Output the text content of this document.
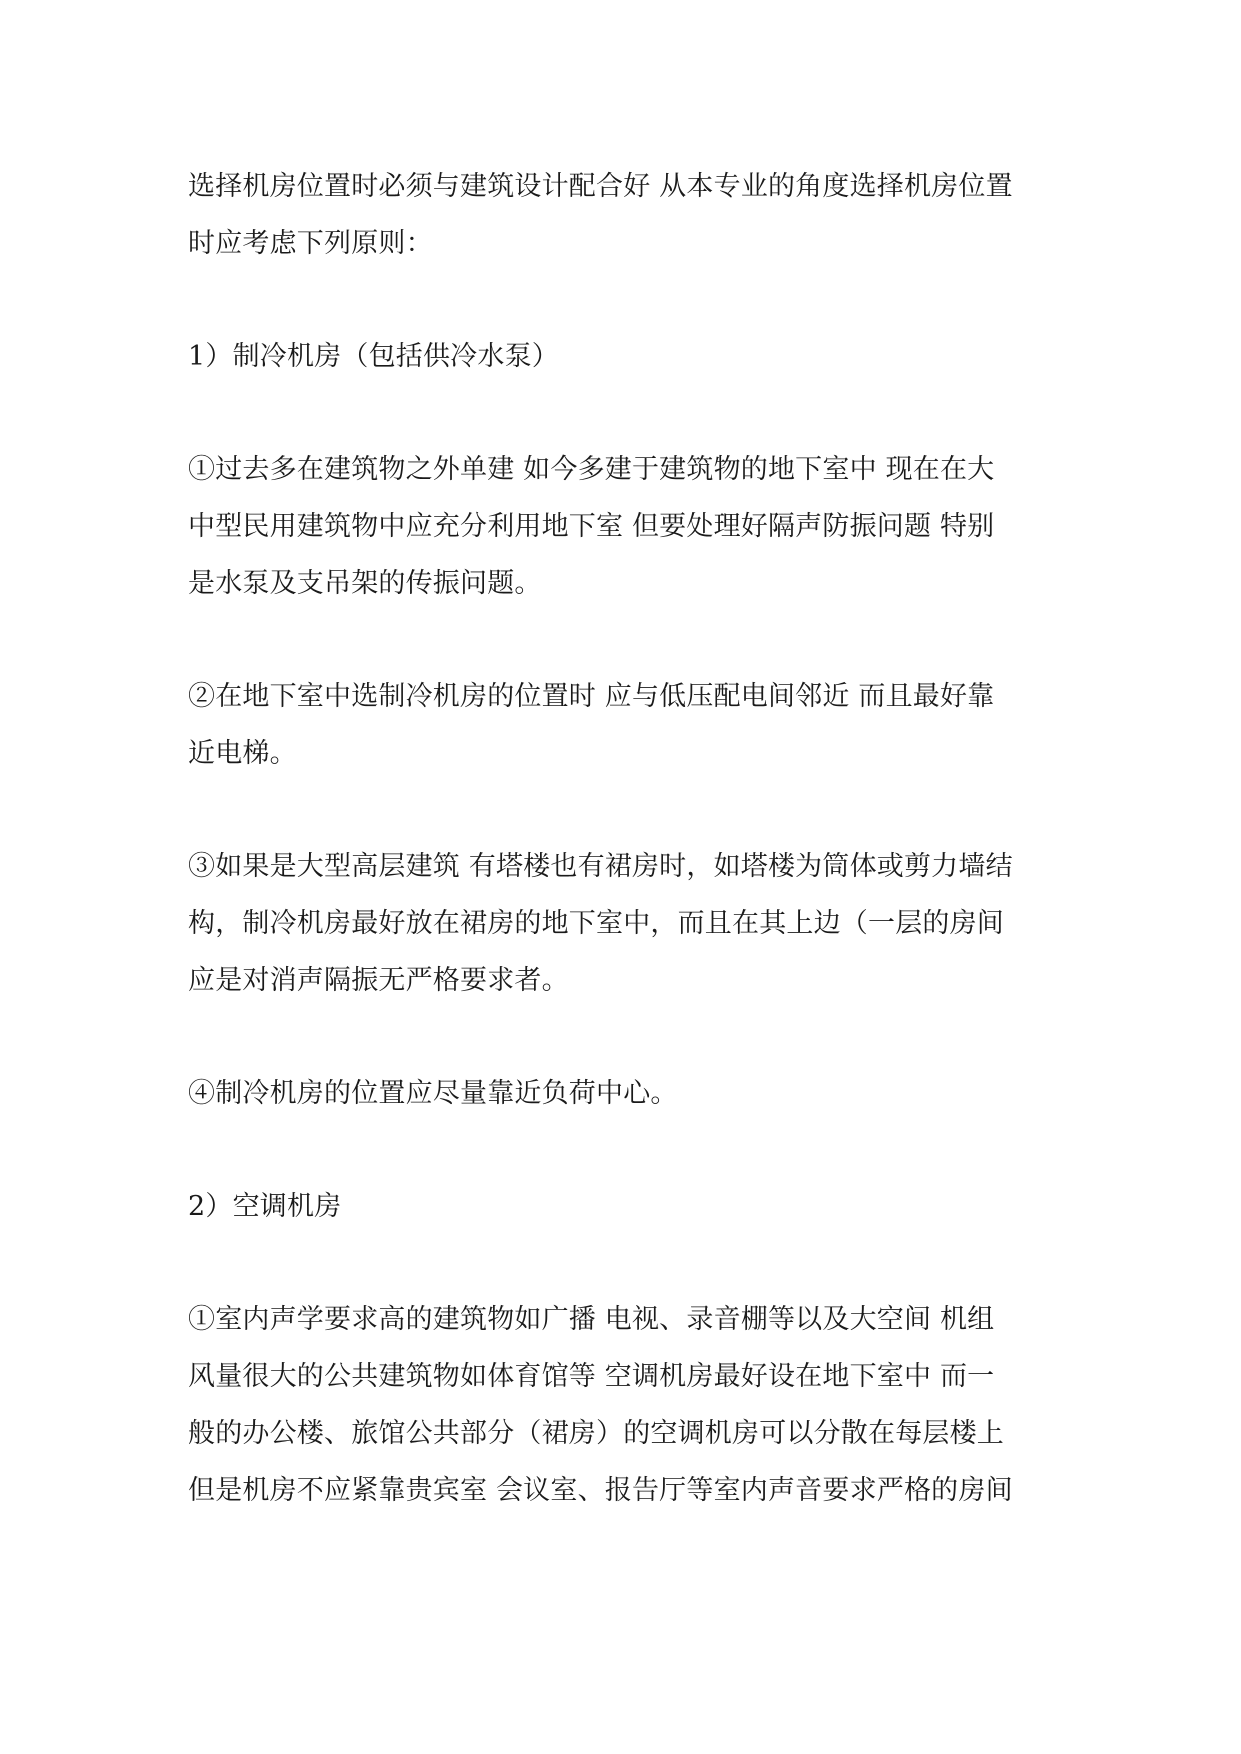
选择机房位置时必须与建筑设计配合好 从本专业的角度选择机房位置

时应考虑下列原则：

1）制冷机房（包括供冷水泵）

①过去多在建筑物之外单建 如今多建于建筑物的地下室中 现在在大

中型民用建筑物中应充分利用地下室 但要处理好隔声防振问题 特别

是水泵及支吊架的传振问题。

②在地下室中选制冷机房的位置时 应与低压配电间邻近 而且最好靠

近电梯。

③如果是大型高层建筑 有塔楼也有裙房时，如塔楼为筒体或剪力墙结

构，制冷机房最好放在裙房的地下室中，而且在其上边（一层的房间

应是对消声隔振无严格要求者。

④制冷机房的位置应尽量靠近负荷中心。

2）空调机房

①室内声学要求高的建筑物如广播 电视、录音棚等以及大空间 机组

风量很大的公共建筑物如体育馆等 空调机房最好设在地下室中 而一

般的办公楼、旅馆公共部分（裙房）的空调机房可以分散在每层楼上

但是机房不应紧靠贵宾室 会议室、报告厅等室内声音要求严格的房间
